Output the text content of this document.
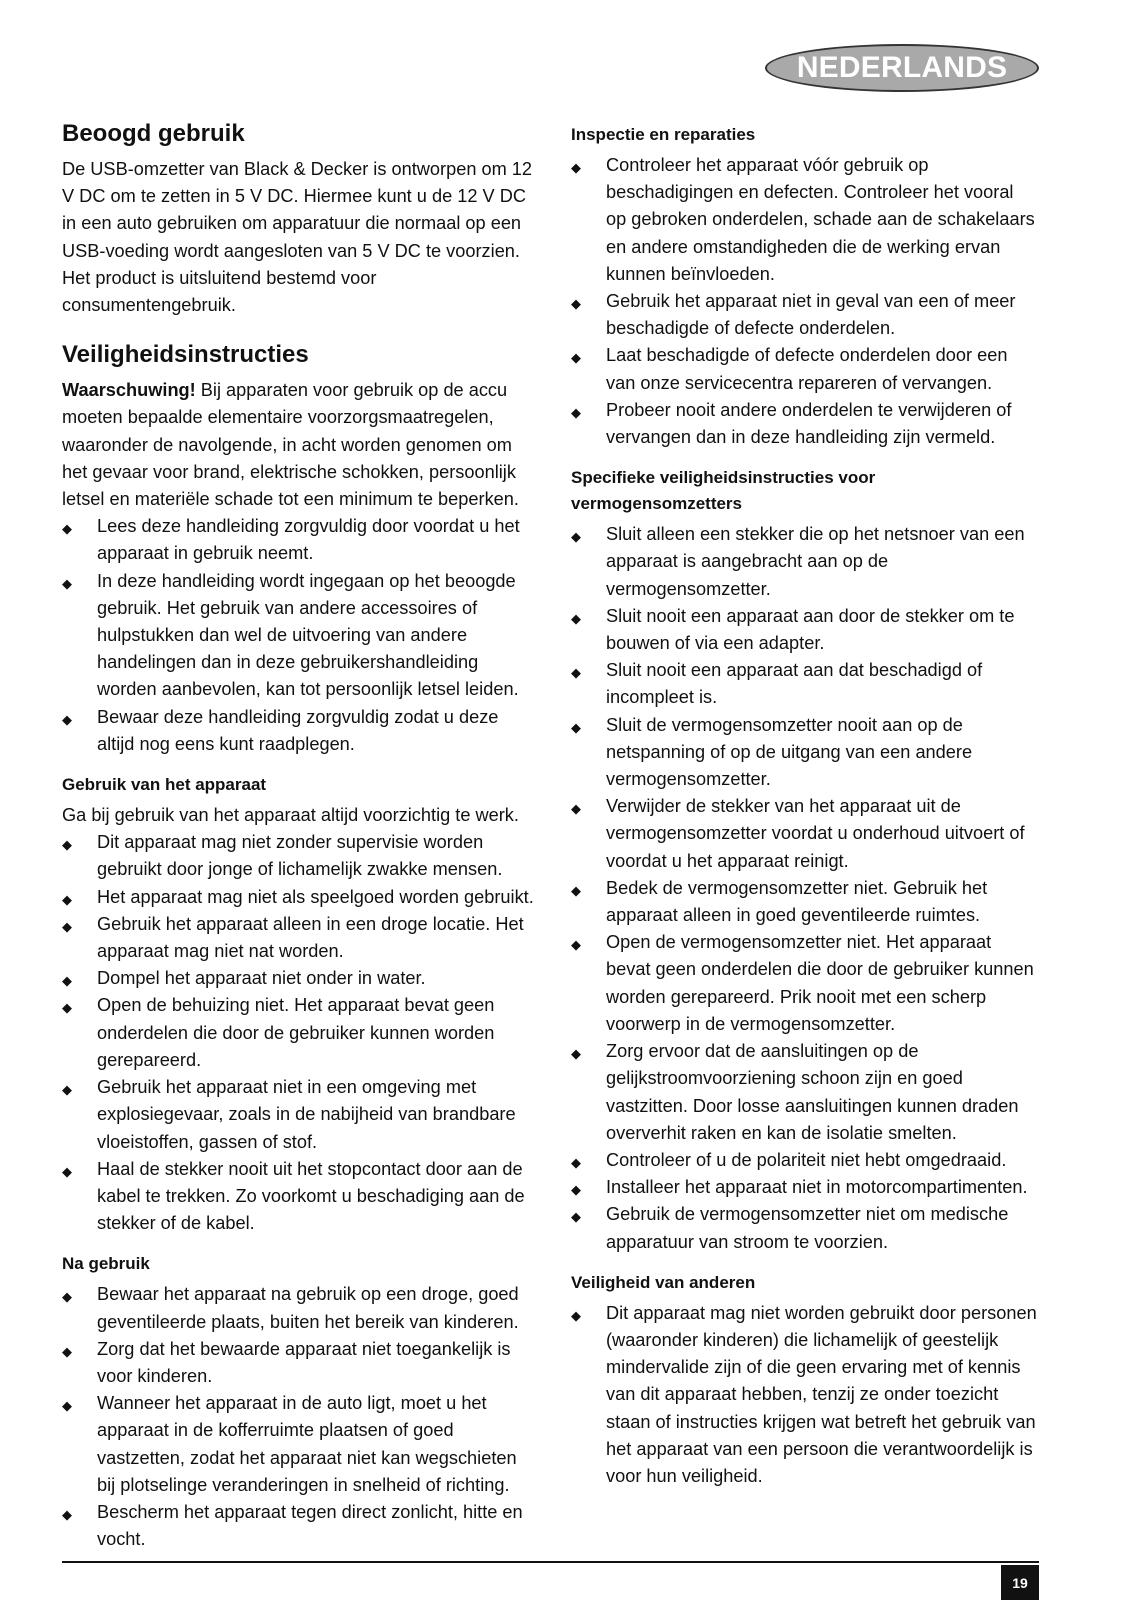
NEDERLANDS
Beoogd gebruik

De USB-omzetter van Black & Decker is ontworpen om 12 V DC om te zetten in 5 V DC. Hiermee kunt u de 12 V DC in een auto gebruiken om apparatuur die normaal op een USB-voeding wordt aangesloten van 5 V DC te voorzien. Het product is uitsluitend bestemd voor consumentengebruik.

Veiligheidsinstructies

Waarschuwing! Bij apparaten voor gebruik op de accu moeten bepaalde elementaire voorzorgsmaatregelen, waaronder de navolgende, in acht worden genomen om het gevaar voor brand, elektrische schokken, persoonlijk letsel en materiële schade tot een minimum te beperken.

◆ Lees deze handleiding zorgvuldig door voordat u het apparaat in gebruik neemt.
◆ In deze handleiding wordt ingegaan op het beoogde gebruik. Het gebruik van andere accessoires of hulpstukken dan wel de uitvoering van andere handelingen dan in deze gebruikershandleiding worden aanbevolen, kan tot persoonlijk letsel leiden.
◆ Bewaar deze handleiding zorgvuldig zodat u deze altijd nog eens kunt raadplegen.
Gebruik van het apparaat

Ga bij gebruik van het apparaat altijd voorzichtig te werk.

◆ Dit apparaat mag niet zonder supervisie worden gebruikt door jonge of lichamelijk zwakke mensen.
◆ Het apparaat mag niet als speelgoed worden gebruikt.
◆ Gebruik het apparaat alleen in een droge locatie. Het apparaat mag niet nat worden.
◆ Dompel het apparaat niet onder in water.
◆ Open de behuizing niet. Het apparaat bevat geen onderdelen die door de gebruiker kunnen worden gerepareerd.
◆ Gebruik het apparaat niet in een omgeving met explosiegevaar, zoals in de nabijheid van brandbare vloeistoffen, gassen of stof.
◆ Haal de stekker nooit uit het stopcontact door aan de kabel te trekken. Zo voorkomt u beschadiging aan de stekker of de kabel.
Na gebruik
◆ Bewaar het apparaat na gebruik op een droge, goed geventileerde plaats, buiten het bereik van kinderen.
◆ Zorg dat het bewaarde apparaat niet toegankelijk is voor kinderen.
◆ Wanneer het apparaat in de auto ligt, moet u het apparaat in de kofferruimte plaatsen of goed vastzetten, zodat het apparaat niet kan wegschieten bij plotselinge veranderingen in snelheid of richting.
◆ Bescherm het apparaat tegen direct zonlicht, hitte en vocht.
Inspectie en reparaties
◆ Controleer het apparaat vóór gebruik op beschadigingen en defecten. Controleer het vooral op gebroken onderdelen, schade aan de schakelaars en andere omstandigheden die de werking ervan kunnen beïnvloeden.
◆ Gebruik het apparaat niet in geval van een of meer beschadigde of defecte onderdelen.
◆ Laat beschadigde of defecte onderdelen door een van onze servicecentra repareren of vervangen.
◆ Probeer nooit andere onderdelen te verwijderen of vervangen dan in deze handleiding zijn vermeld.
Specifieke veiligheidsinstructies voor vermogensomzetters
◆ Sluit alleen een stekker die op het netsnoer van een apparaat is aangebracht aan op de vermogensomzetter.
◆ Sluit nooit een apparaat aan door de stekker om te bouwen of via een adapter.
◆ Sluit nooit een apparaat aan dat beschadigd of incompleet is.
◆ Sluit de vermogensomzetter nooit aan op de netspanning of op de uitgang van een andere vermogensomzetter.
◆ Verwijder de stekker van het apparaat uit de vermogensomzetter voordat u onderhoud uitvoert of voordat u het apparaat reinigt.
◆ Bedek de vermogensomzetter niet. Gebruik het apparaat alleen in goed geventileerde ruimtes.
◆ Open de vermogensomzetter niet. Het apparaat bevat geen onderdelen die door de gebruiker kunnen worden gerepareerd. Prik nooit met een scherp voorwerp in de vermogensomzetter.
◆ Zorg ervoor dat de aansluitingen op de gelijkstroomvoorziening schoon zijn en goed vastzitten. Door losse aansluitingen kunnen draden oververhit raken en kan de isolatie smelten.
◆ Controleer of u de polariteit niet hebt omgedraaid.
◆ Installeer het apparaat niet in motorcompartimenten.
◆ Gebruik de vermogensomzetter niet om medische apparatuur van stroom te voorzien.
Veiligheid van anderen
◆ Dit apparaat mag niet worden gebruikt door personen (waaronder kinderen) die lichamelijk of geestelijk mindervalide zijn of die geen ervaring met of kennis van dit apparaat hebben, tenzij ze onder toezicht staan of instructies krijgen wat betreft het gebruik van het apparaat van een persoon die verantwoordelijk is voor hun veiligheid.
19
